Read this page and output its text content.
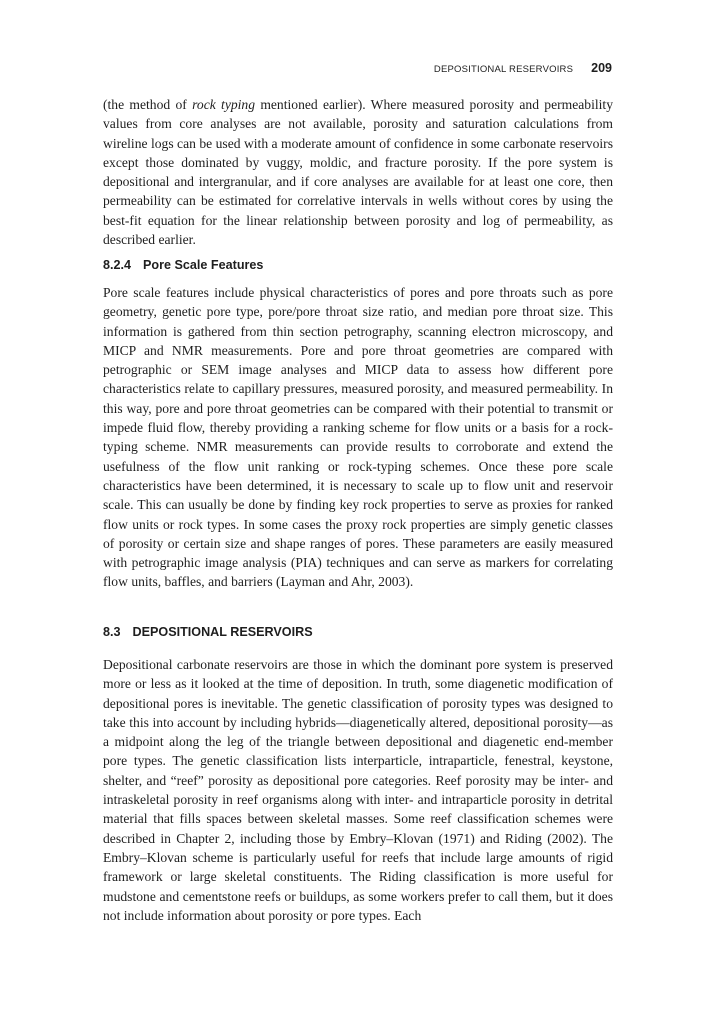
DEPOSITIONAL RESERVOIRS 209

(the method of rock typing mentioned earlier). Where measured porosity and permeability values from core analyses are not available, porosity and saturation calculations from wireline logs can be used with a moderate amount of confidence in some carbonate reservoirs except those dominated by vuggy, moldic, and fracture porosity. If the pore system is depositional and intergranular, and if core analyses are available for at least one core, then permeability can be estimated for correlative intervals in wells without cores by using the best-fit equation for the linear relationship between porosity and log of permeability, as described earlier.

8.2.4 Pore Scale Features

Pore scale features include physical characteristics of pores and pore throats such as pore geometry, genetic pore type, pore/pore throat size ratio, and median pore throat size. This information is gathered from thin section petrography, scanning electron microscopy, and MICP and NMR measurements. Pore and pore throat geometries are compared with petrographic or SEM image analyses and MICP data to assess how different pore characteristics relate to capillary pressures, measured porosity, and measured permeability. In this way, pore and pore throat geometries can be compared with their potential to transmit or impede fluid flow, thereby providing a ranking scheme for flow units or a basis for a rock-typing scheme. NMR measurements can provide results to corroborate and extend the usefulness of the flow unit ranking or rock-typing schemes. Once these pore scale characteristics have been determined, it is necessary to scale up to flow unit and reservoir scale. This can usually be done by finding key rock properties to serve as proxies for ranked flow units or rock types. In some cases the proxy rock properties are simply genetic classes of porosity or certain size and shape ranges of pores. These parameters are easily measured with petrographic image analysis (PIA) techniques and can serve as markers for correlating flow units, baffles, and barriers (Layman and Ahr, 2003).

8.3 DEPOSITIONAL RESERVOIRS

Depositional carbonate reservoirs are those in which the dominant pore system is preserved more or less as it looked at the time of deposition. In truth, some diagenetic modification of depositional pores is inevitable. The genetic classification of porosity types was designed to take this into account by including hybrids—diagenetically altered, depositional porosity—as a midpoint along the leg of the triangle between depositional and diagenetic end-member pore types. The genetic classification lists interparticle, intraparticle, fenestral, keystone, shelter, and “reef” porosity as depositional pore categories. Reef porosity may be inter- and intraskeletal porosity in reef organisms along with inter- and intraparticle porosity in detrital material that fills spaces between skeletal masses. Some reef classification schemes were described in Chapter 2, including those by Embry–Klovan (1971) and Riding (2002). The Embry–Klovan scheme is particularly useful for reefs that include large amounts of rigid framework or large skeletal constituents. The Riding classification is more useful for mudstone and cementstone reefs or buildups, as some workers prefer to call them, but it does not include information about porosity or pore types. Each
